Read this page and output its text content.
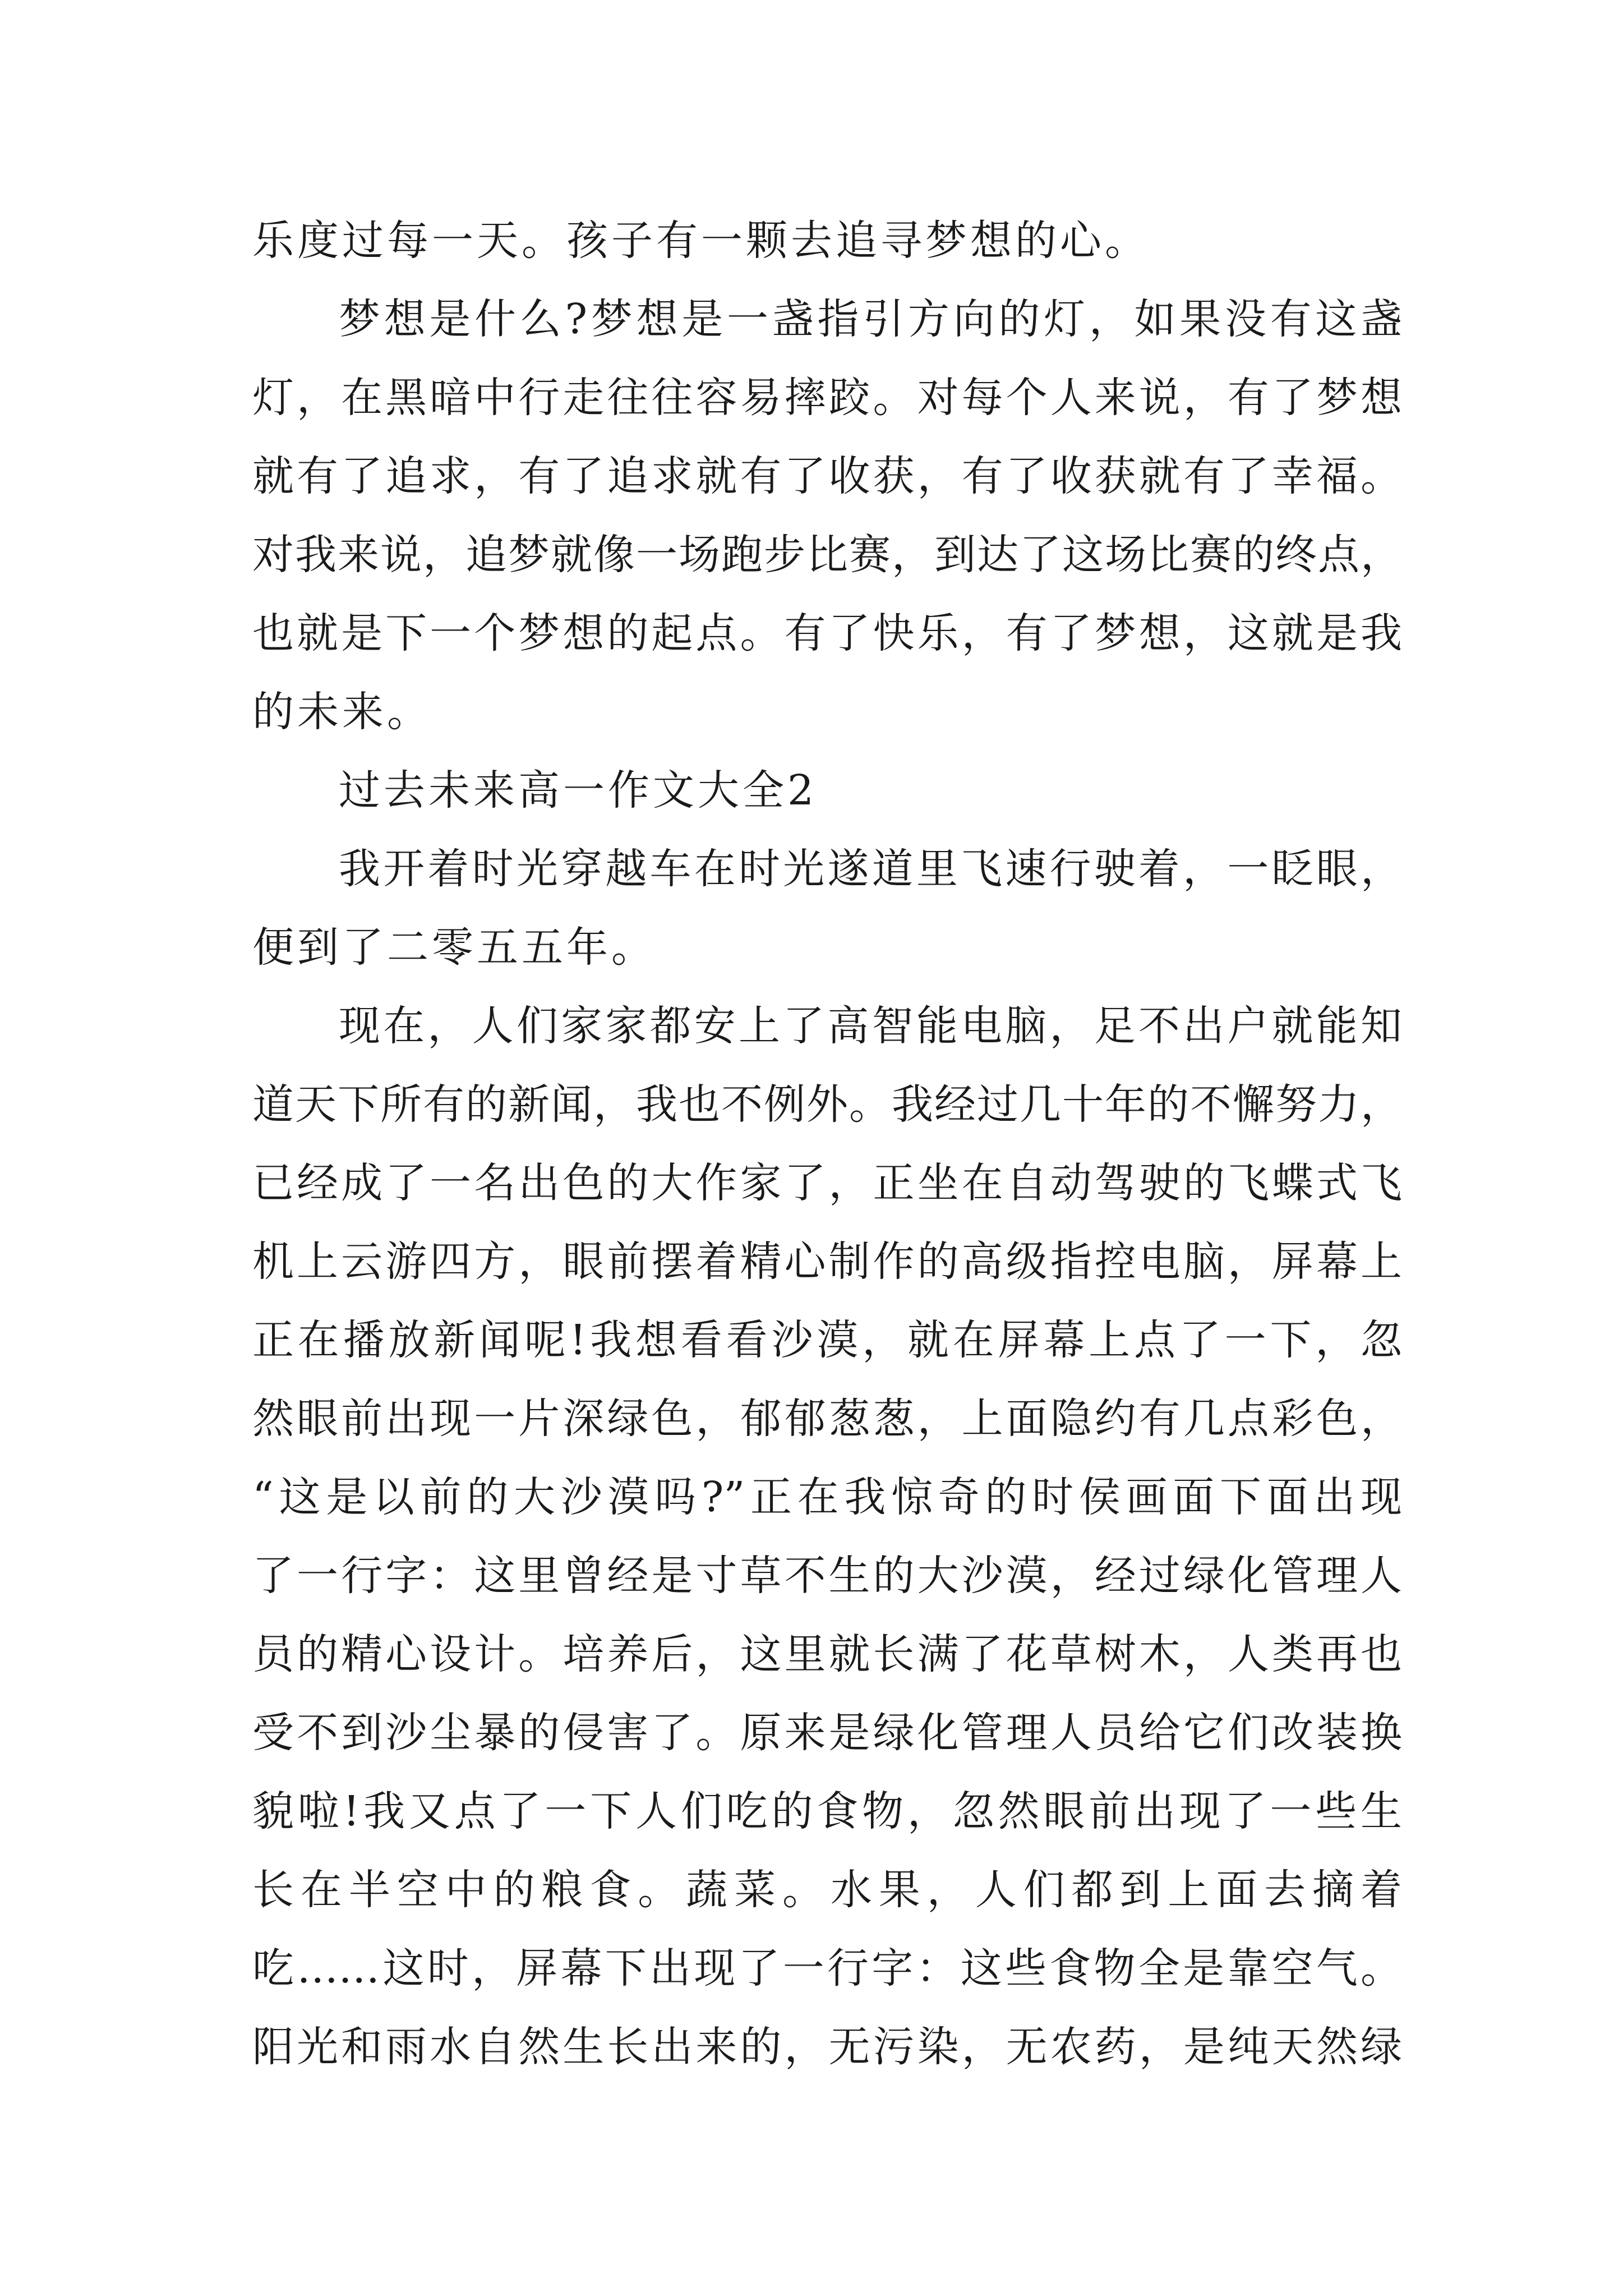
乐度过每一天。孩子有一颗去追寻梦想的心。
梦想是什么?梦想是一盏指引方向的灯，如果没有这盏
灯，在黑暗中行走往往容易摔跤。对每个人来说，有了梦想
就有了追求，有了追求就有了收获，有了收获就有了幸福。
对我来说，追梦就像一场跑步比赛，到达了这场比赛的终点，
也就是下一个梦想的起点。有了快乐，有了梦想，这就是我
的未来。
过去未来高一作文大全2
我开着时光穿越车在时光遂道里飞速行驶着，一眨眼，
便到了二零五五年。
现在，人们家家都安上了高智能电脑，足不出户就能知
道天下所有的新闻，我也不例外。我经过几十年的不懈努力，
已经成了一名出色的大作家了，正坐在自动驾驶的飞蝶式飞
机上云游四方，眼前摆着精心制作的高级指控电脑，屏幕上
正在播放新闻呢!我想看看沙漠，就在屏幕上点了一下，忽
然眼前出现一片深绿色，郁郁葱葱，上面隐约有几点彩色，
“这是以前的大沙漠吗?”正在我惊奇的时侯画面下面出现
了一行字：这里曾经是寸草不生的大沙漠，经过绿化管理人
员的精心设计。培养后，这里就长满了花草树木，人类再也
受不到沙尘暴的侵害了。原来是绿化管理人员给它们改装换
貌啦!我又点了一下人们吃的食物，忽然眼前出现了一些生
长在半空中的粮食。蔬菜。水果，人们都到上面去摘着
吃……这时，屏幕下出现了一行字：这些食物全是靠空气。
阳光和雨水自然生长出来的，无污染，无农药，是纯天然绿
